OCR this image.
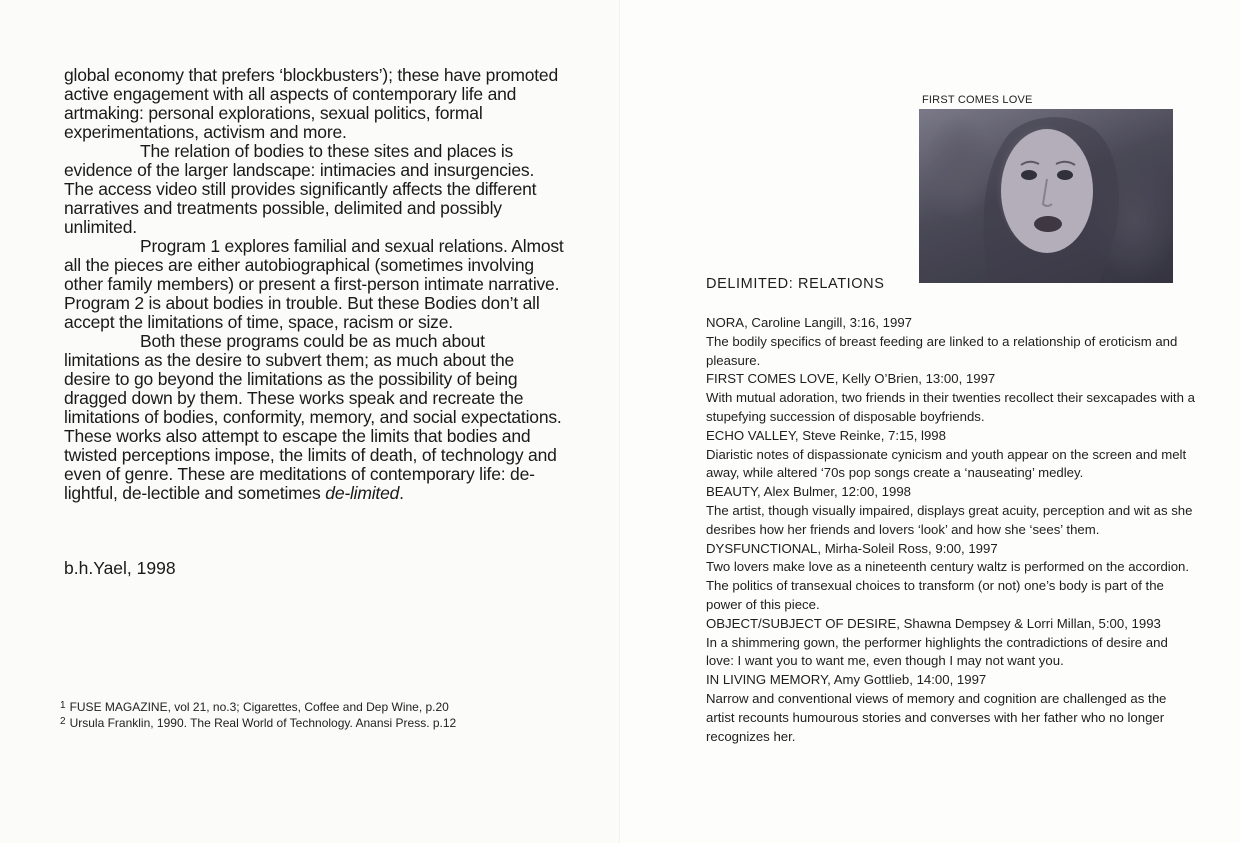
global economy that prefers ‘blockbusters’); these have promoted active engagement with all aspects of contemporary life and artmaking: personal explorations, sexual politics, formal experimentations, activism and more.

The relation of bodies to these sites and places is evidence of the larger landscape: intimacies and insurgencies. The access video still provides significantly affects the different narratives and treatments possible, delimited and possibly unlimited.

Program 1 explores familial and sexual relations. Almost all the pieces are either autobiographical (sometimes involving other family members) or present a first-person intimate narrative. Program 2 is about bodies in trouble. But these Bodies don’t all accept the limitations of time, space, racism or size.

Both these programs could be as much about limitations as the desire to subvert them; as much about the desire to go beyond the limitations as the possibility of being dragged down by them. These works speak and recreate the limitations of bodies, conformity, memory, and social expectations. These works also attempt to escape the limits that bodies and twisted perceptions impose, the limits of death, of technology and even of genre. These are meditations of contemporary life: de-lightful, de-lectible and sometimes de-limited.

b.h.Yael, 1998
$^1$ FUSE MAGAZINE, vol 21, no.3; Cigarettes, Coffee and Dep Wine, p.20
$^2$ Ursula Franklin, 1990. The Real World of Technology. Anansi Press. p.12
FIRST COMES LOVE
DELIMITED: RELATIONS
NORA, Caroline Langill, 3:16, 1997
The bodily specifics of breast feeding are linked to a relationship of eroticism and pleasure.
FIRST COMES LOVE, Kelly O’Brien, 13:00, 1997
With mutual adoration, two friends in their twenties recollect their sexcapades with a stupefying succession of disposable boyfriends.
ECHO VALLEY, Steve Reinke, 7:15, l998
Diaristic notes of dispassionate cynicism and youth appear on the screen and melt away, while altered ‘70s pop songs create a ‘nauseating’ medley.
BEAUTY, Alex Bulmer, 12:00, 1998
The artist, though visually impaired, displays great acuity, perception and wit as she desribes how her friends and lovers ‘look’ and how she ‘sees’ them.
DYSFUNCTIONAL, Mirha-Soleil Ross, 9:00, 1997
Two lovers make love as a nineteenth century waltz is performed on the accordion. The politics of transexual choices to transform (or not) one’s body is part of the power of this piece.
OBJECT/SUBJECT OF DESIRE, Shawna Dempsey & Lorri Millan, 5:00, 1993
In a shimmering gown, the performer highlights the contradictions of desire and love: I want you to want me, even though I may not want you.
IN LIVING MEMORY, Amy Gottlieb, 14:00, 1997
Narrow and conventional views of memory and cognition are challenged as the artist recounts humourous stories and converses with her father who no longer recognizes her.
